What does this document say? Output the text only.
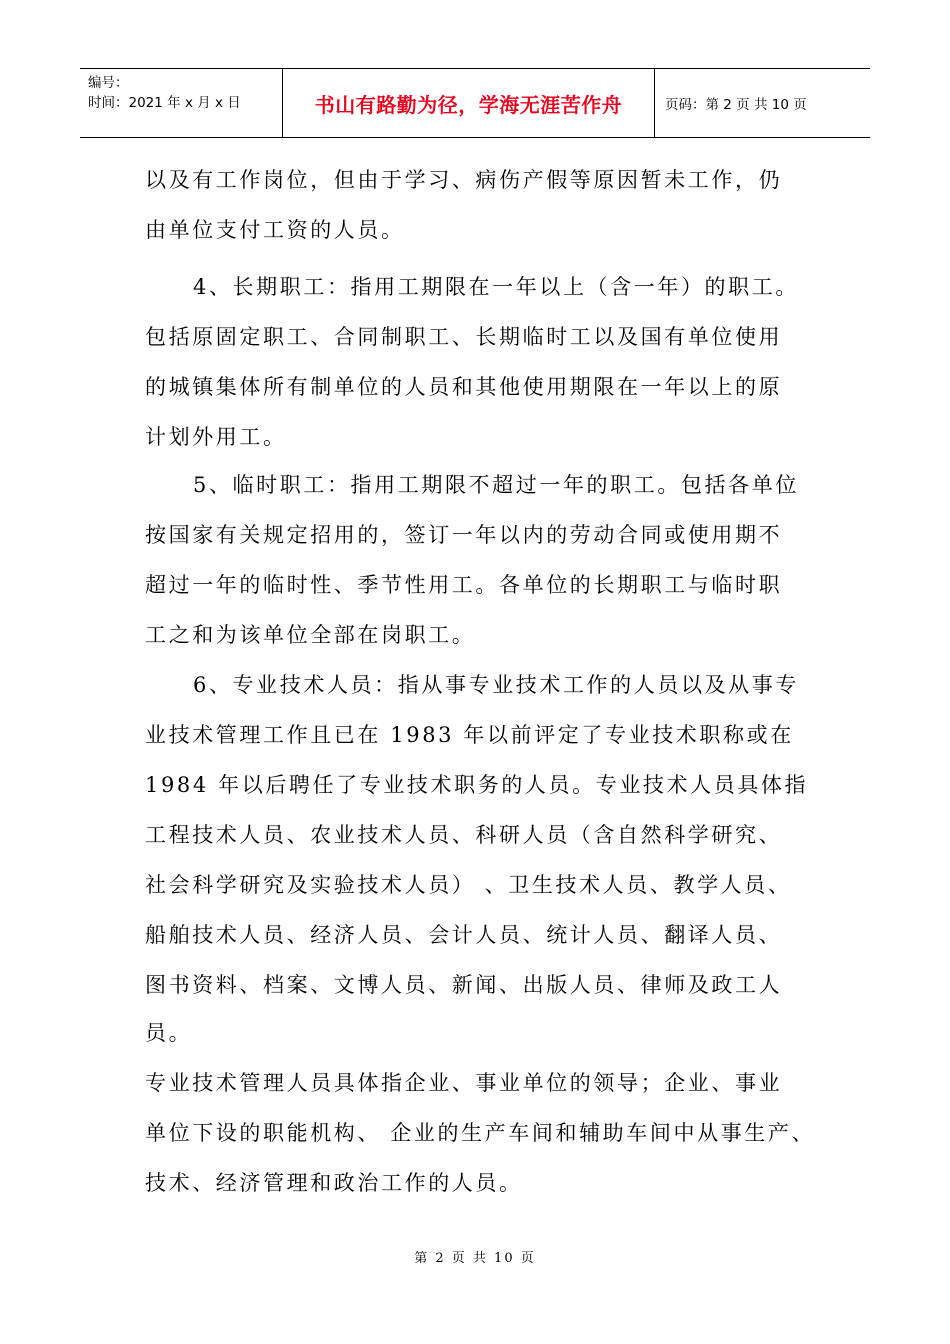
编号：
时间：2021 年 x 月 x 日	书山有路勤为径，学海无涯苦作舟	页码：第 2 页 共 10 页
以及有工作岗位，但由于学习、病伤产假等原因暂未工作，仍
由单位支付工资的人员。
4、长期职工：指用工期限在一年以上（含一年）的职工。
包括原固定职工、合同制职工、长期临时工以及国有单位使用
的城镇集体所有制单位的人员和其他使用期限在一年以上的原
计划外用工。
5、临时职工：指用工期限不超过一年的职工。包括各单位
按国家有关规定招用的，签订一年以内的劳动合同或使用期不
超过一年的临时性、季节性用工。各单位的长期职工与临时职
工之和为该单位全部在岗职工。
6、专业技术人员：指从事专业技术工作的人员以及从事专
业技术管理工作且已在 1983 年以前评定了专业技术职称或在
1984 年以后聘任了专业技术职务的人员。专业技术人员具体指
工程技术人员、农业技术人员、科研人员（含自然科学研究、
社会科学研究及实验技术人员） 、卫生技术人员、教学人员、
船舶技术人员、经济人员、会计人员、统计人员、翻译人员、
图书资料、档案、文博人员、新闻、出版人员、律师及政工人
员。
专业技术管理人员具体指企业、事业单位的领导；企业、事业
单位下设的职能机构、 企业的生产车间和辅助车间中从事生产、
技术、经济管理和政治工作的人员。
第 2 页 共 10 页
